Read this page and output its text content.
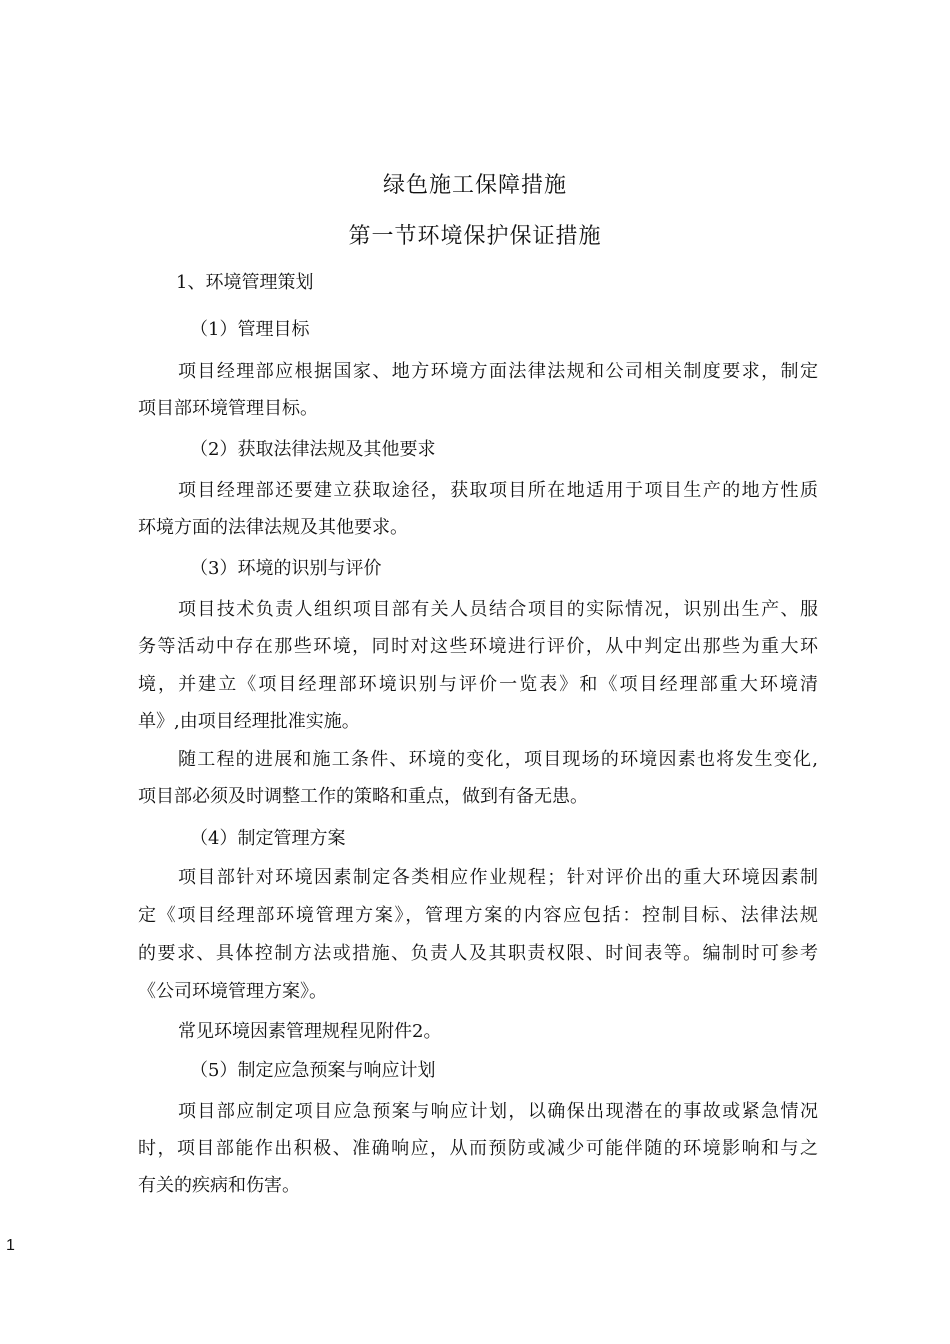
绿色施工保障措施
第一节环境保护保证措施
1、环境管理策划
（1）管理目标
项目经理部应根据国家、地方环境方面法律法规和公司相关制度要求，制定
项目部环境管理目标。
（2）获取法律法规及其他要求
项目经理部还要建立获取途径，获取项目所在地适用于项目生产的地方性质
环境方面的法律法规及其他要求。
（3）环境的识别与评价
项目技术负责人组织项目部有关人员结合项目的实际情况，识别出生产、服
务等活动中存在那些环境，同时对这些环境进行评价，从中判定出那些为重大环
境，并建立《项目经理部环境识别与评价一览表》和《项目经理部重大环境清
单》,由项目经理批准实施。
随工程的进展和施工条件、环境的变化，项目现场的环境因素也将发生变化,
项目部必须及时调整工作的策略和重点，做到有备无患。
（4）制定管理方案
项目部针对环境因素制定各类相应作业规程；针对评价出的重大环境因素制
定《项目经理部环境管理方案》，管理方案的内容应包括：控制目标、法律法规
的要求、具体控制方法或措施、负责人及其职责权限、时间表等。编制时可参考
《公司环境管理方案》。
常见环境因素管理规程见附件2。
（5）制定应急预案与响应计划
项目部应制定项目应急预案与响应计划，以确保出现潜在的事故或紧急情况
时，项目部能作出积极、准确响应，从而预防或减少可能伴随的环境影响和与之
有关的疾病和伤害。
1
